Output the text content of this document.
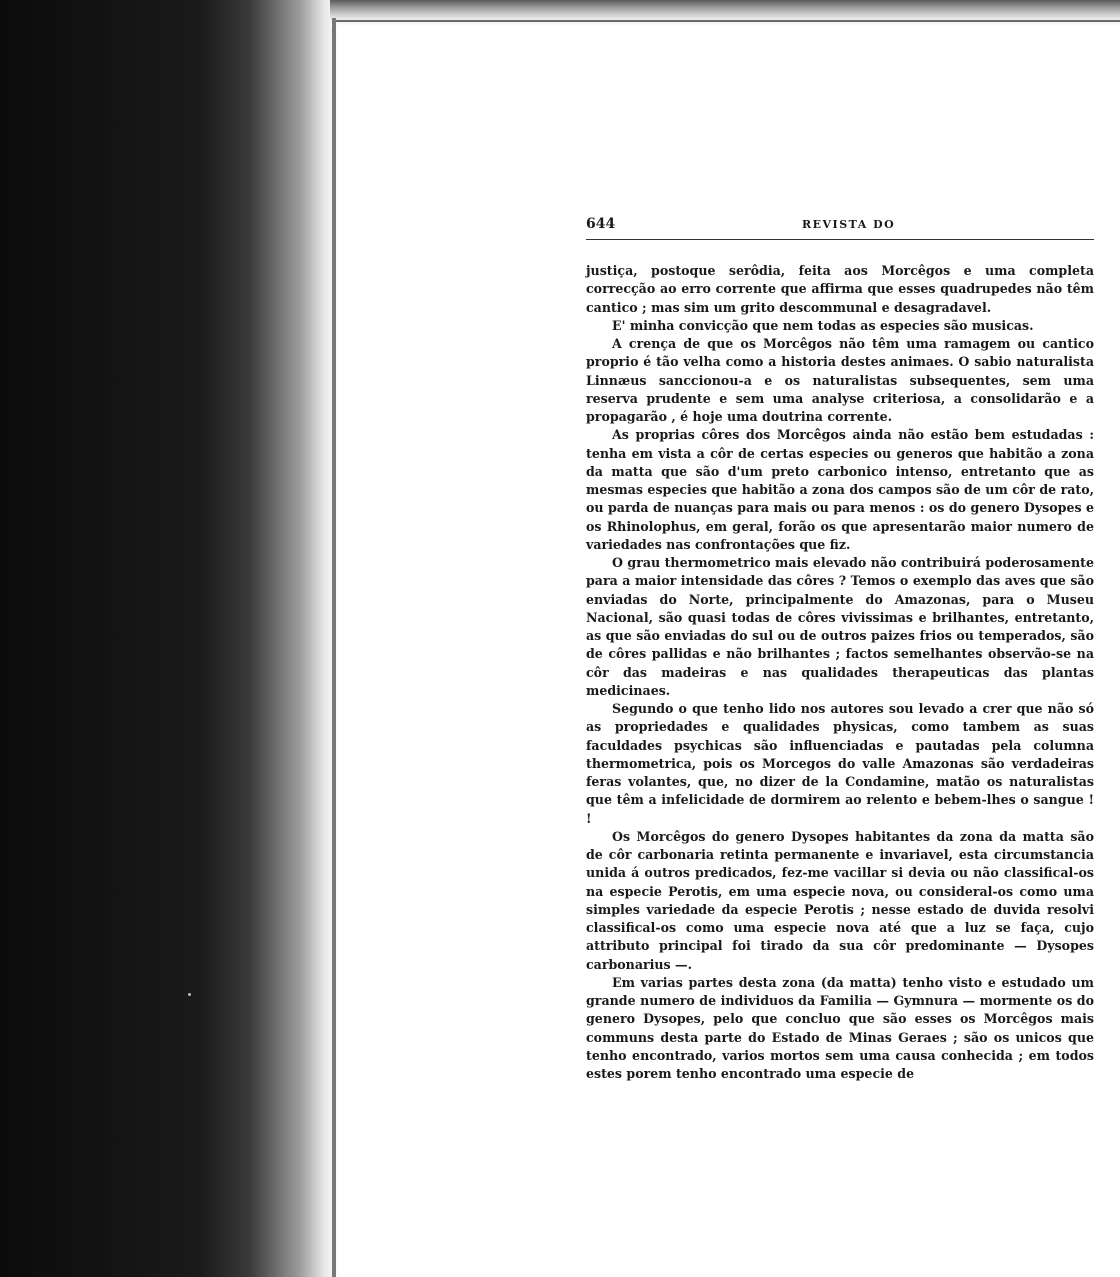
644	REVISTA DO

justiça, postoque serôdia, feita aos Morcêgos e uma completa correcção ao erro corrente que affirma que esses quadrupedes não têm cantico ; mas sim um grito descommunal e desagradavel.

E' minha convicção que nem todas as especies são musicas.

A crença de que os Morcêgos não têm uma ramagem ou cantico proprio é tão velha como a historia destes animaes. O sabio naturalista Linnæus sanccionou-a e os naturalistas subsequentes, sem uma reserva prudente e sem uma analyse criteriosa, a consolidarão e a propagarão , é hoje uma doutrina corrente.

As proprias côres dos Morcêgos ainda não estão bem estudadas : tenha em vista a côr de certas especies ou generos que habitão a zona da matta que são d'um preto carbonico intenso, entretanto que as mesmas especies que habitão a zona dos campos são de um côr de rato, ou parda de nuanças para mais ou para menos : os do genero Dysopes e os Rhinolophus, em geral, forão os que apresentarão maior numero de variedades nas confrontações que fiz.

O grau thermometrico mais elevado não contribuirá poderosamente para a maior intensidade das côres ? Temos o exemplo das aves que são enviadas do Norte, principalmente do Amazonas, para o Museu Nacional, são quasi todas de côres vivissimas e brilhantes, entretanto, as que são enviadas do sul ou de outros paizes frios ou temperados, são de côres pallidas e não brilhantes ; factos semelhantes observão-se na côr das madeiras e nas qualidades therapeuticas das plantas medicinaes.

Segundo o que tenho lido nos autores sou levado a crer que não só as propriedades e qualidades physicas, como tambem as suas faculdades psychicas são influenciadas e pautadas pela columna thermometrica, pois os Morcegos do valle Amazonas são verdadeiras feras volantes, que, no dizer de la Condamine, matão os naturalistas que têm a infelicidade de dormirem ao relento e bebem-lhes o sangue ! !

Os Morcêgos do genero Dysopes habitantes da zona da matta são de côr carbonaria retinta permanente e invariavel, esta circumstancia unida á outros predicados, fez-me vacillar si devia ou não classifical-os na especie Perotis, em uma especie nova, ou consideral-os como uma simples variedade da especie Perotis ; nesse estado de duvida resolvi classifical-os como uma especie nova até que a luz se faça, cujo attributo principal foi tirado da sua côr predominante — Dysopes carbonarius —.

Em varias partes desta zona (da matta) tenho visto e estudado um grande numero de individuos da Familia — Gymnura — mormente os do genero Dysopes, pelo que concluo que são esses os Morcêgos mais communs desta parte do Estado de Minas Geraes ; são os unicos que tenho encontrado, varios mortos sem uma causa conhecida ; em todos estes porem tenho encontrado uma especie de
